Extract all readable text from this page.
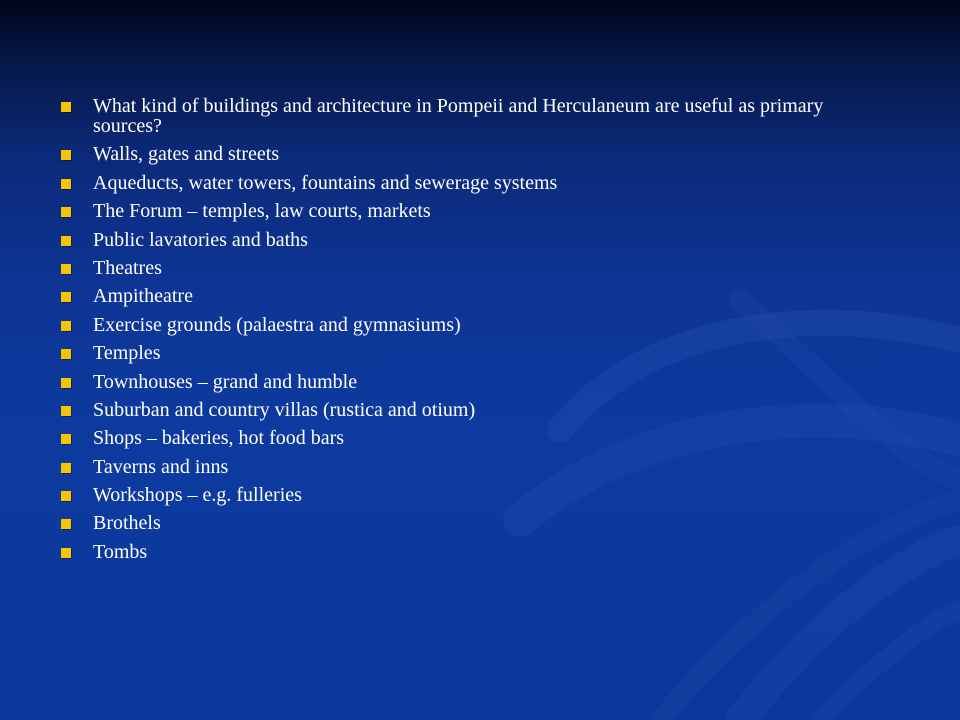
What kind of buildings and architecture in Pompeii and Herculaneum are useful as primary sources?
Walls, gates and streets
Aqueducts, water towers, fountains and sewerage systems
The Forum – temples, law courts, markets
Public lavatories and baths
Theatres
Ampitheatre
Exercise grounds (palaestra and gymnasiums)
Temples
Townhouses – grand and humble
Suburban and country villas (rustica and otium)
Shops – bakeries, hot food bars
Taverns and inns
Workshops – e.g. fulleries
Brothels
Tombs
